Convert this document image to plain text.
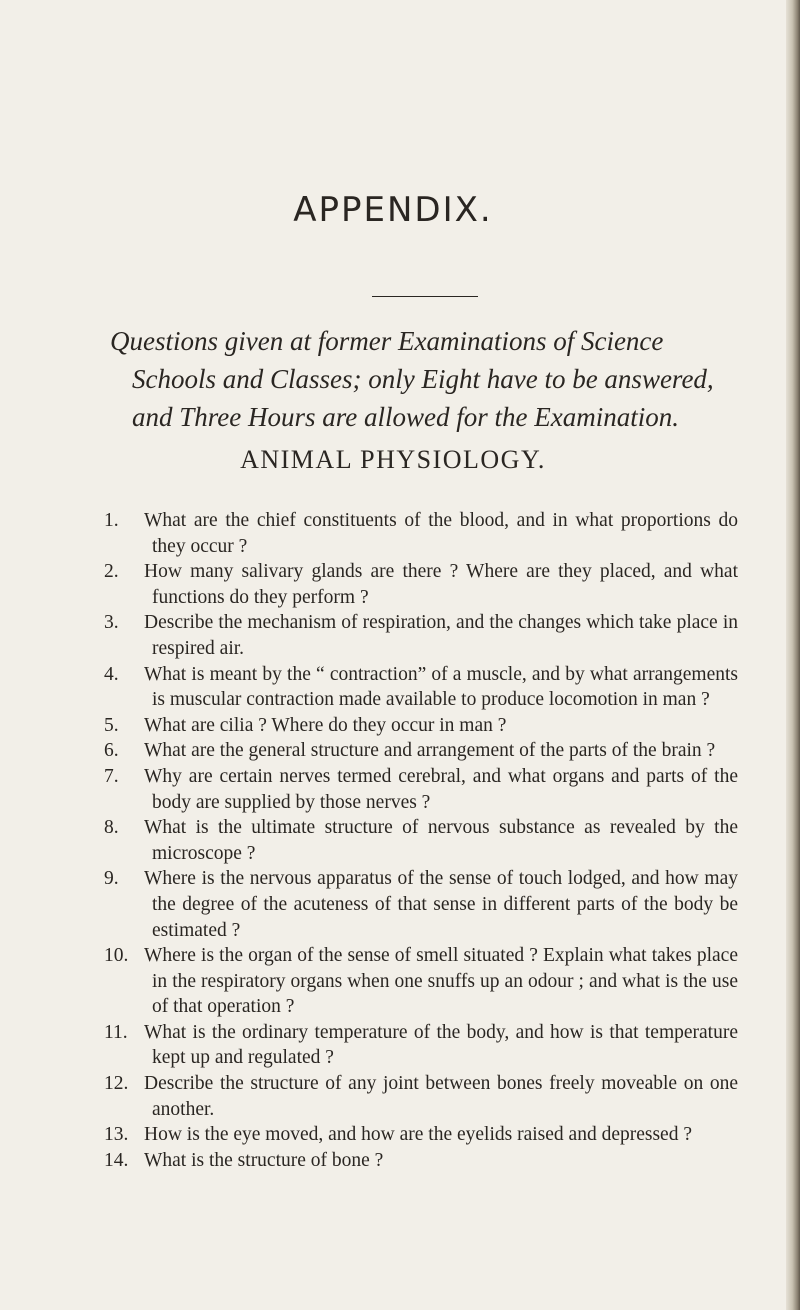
APPENDIX.

Questions given at former Examinations of Science
Schools and Classes; only Eight have to be answered,
and Three Hours are allowed for the Examination.

ANIMAL PHYSIOLOGY.
1.	What are the chief constituents of the blood, and in what proportions do they occur ?
2.	How many salivary glands are there ? Where are they placed, and what functions do they perform ?
3.	Describe the mechanism of respiration, and the changes which take place in respired air.
4.	What is meant by the “ contraction” of a muscle, and by what arrangements is muscular contraction made available to produce locomotion in man ?
5.	What are cilia ? Where do they occur in man ?
6.	What are the general structure and arrangement of the parts of the brain ?
7.	Why are certain nerves termed cerebral, and what organs and parts of the body are supplied by those nerves ?
8.	What is the ultimate structure of nervous substance as revealed by the microscope ?
9.	Where is the nervous apparatus of the sense of touch lodged, and how may the degree of the acuteness of that sense in different parts of the body be estimated ?
10. Where is the organ of the sense of smell situated ? Explain what takes place in the respiratory organs when one snuffs up an odour ; and what is the use of that operation ?
11. What is the ordinary temperature of the body, and how is that temperature kept up and regulated ?
12. Describe the structure of any joint between bones freely moveable on one another.
13. How is the eye moved, and how are the eyelids raised and depressed ?
14. What is the structure of bone ?
